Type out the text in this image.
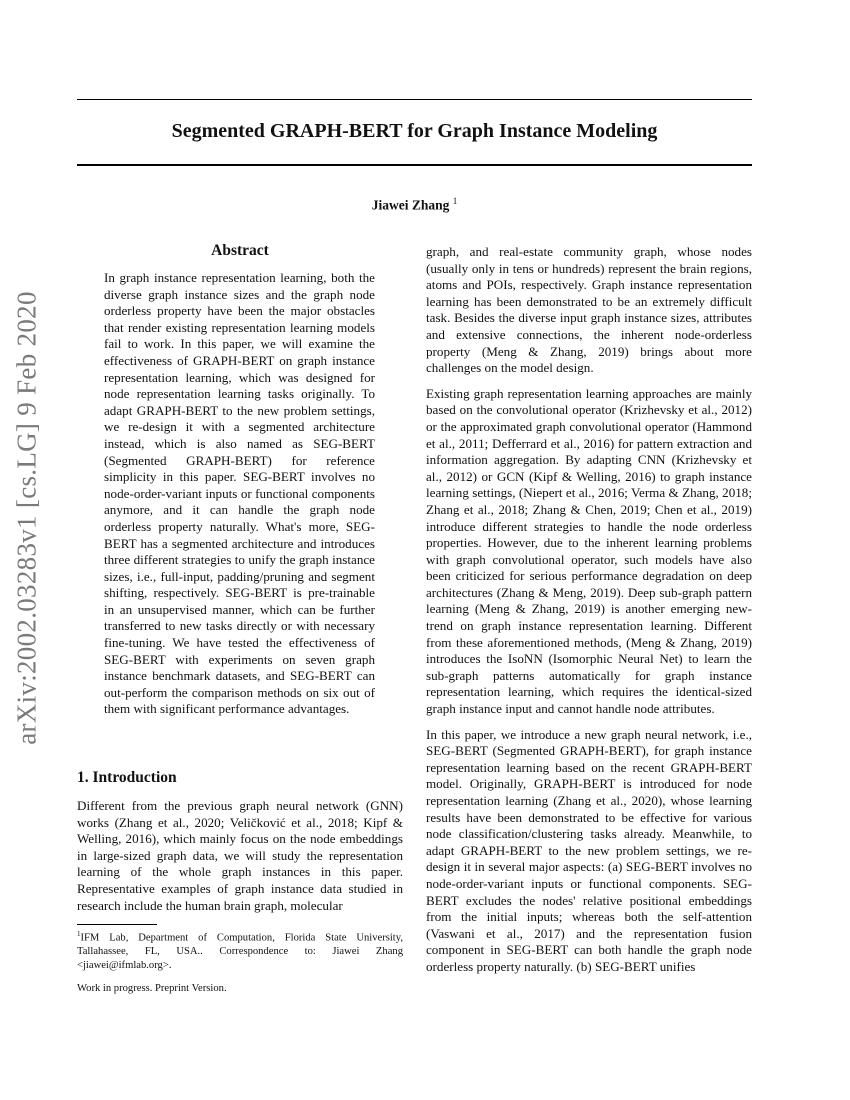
Segmented GRAPH-BERT for Graph Instance Modeling
Jiawei Zhang $^1$
arXiv:2002.03283v1 [cs.LG] 9 Feb 2020
Abstract

In graph instance representation learning, both the diverse graph instance sizes and the graph node orderless property have been the major obstacles that render existing representation learning models fail to work. In this paper, we will examine the effectiveness of GRAPH-BERT on graph instance representation learning, which was designed for node representation learning tasks originally. To adapt GRAPH-BERT to the new problem settings, we re-design it with a segmented architecture instead, which is also named as SEG-BERT (Segmented GRAPH-BERT) for reference simplicity in this paper. SEG-BERT involves no node-order-variant inputs or functional components anymore, and it can handle the graph node orderless property naturally. What's more, SEG-BERT has a segmented architecture and introduces three different strategies to unify the graph instance sizes, i.e., full-input, padding/pruning and segment shifting, respectively. SEG-BERT is pre-trainable in an unsupervised manner, which can be further transferred to new tasks directly or with necessary fine-tuning. We have tested the effectiveness of SEG-BERT with experiments on seven graph instance benchmark datasets, and SEG-BERT can out-perform the comparison methods on six out of them with significant performance advantages.

1. Introduction

Different from the previous graph neural network (GNN) works (Zhang et al., 2020; Veličković et al., 2018; Kipf & Welling, 2016), which mainly focus on the node embeddings in large-sized graph data, we will study the representation learning of the whole graph instances in this paper. Representative examples of graph instance data studied in research include the human brain graph, molecular

$^1$IFM Lab, Department of Computation, Florida State University, Tallahassee, FL, USA.. Correspondence to: Jiawei Zhang <jiawei@ifmlab.org>.
Work in progress. Preprint Version.

graph, and real-estate community graph, whose nodes (usually only in tens or hundreds) represent the brain regions, atoms and POIs, respectively. Graph instance representation learning has been demonstrated to be an extremely difficult task. Besides the diverse input graph instance sizes, attributes and extensive connections, the inherent node-orderless property (Meng & Zhang, 2019) brings about more challenges on the model design.

Existing graph representation learning approaches are mainly based on the convolutional operator (Krizhevsky et al., 2012) or the approximated graph convolutional operator (Hammond et al., 2011; Defferrard et al., 2016) for pattern extraction and information aggregation. By adapting CNN (Krizhevsky et al., 2012) or GCN (Kipf & Welling, 2016) to graph instance learning settings, (Niepert et al., 2016; Verma & Zhang, 2018; Zhang et al., 2018; Zhang & Chen, 2019; Chen et al., 2019) introduce different strategies to handle the node orderless properties. However, due to the inherent learning problems with graph convolutional operator, such models have also been criticized for serious performance degradation on deep architectures (Zhang & Meng, 2019). Deep sub-graph pattern learning (Meng & Zhang, 2019) is another emerging new-trend on graph instance representation learning. Different from these aforementioned methods, (Meng & Zhang, 2019) introduces the IsoNN (Isomorphic Neural Net) to learn the sub-graph patterns automatically for graph instance representation learning, which requires the identical-sized graph instance input and cannot handle node attributes.

In this paper, we introduce a new graph neural network, i.e., SEG-BERT (Segmented GRAPH-BERT), for graph instance representation learning based on the recent GRAPH-BERT model. Originally, GRAPH-BERT is introduced for node representation learning (Zhang et al., 2020), whose learning results have been demonstrated to be effective for various node classification/clustering tasks already. Meanwhile, to adapt GRAPH-BERT to the new problem settings, we re-design it in several major aspects: (a) SEG-BERT involves no node-order-variant inputs or functional components. SEG-BERT excludes the nodes' relative positional embeddings from the initial inputs; whereas both the self-attention (Vaswani et al., 2017) and the representation fusion component in SEG-BERT can both handle the graph node orderless property naturally. (b) SEG-BERT unifies
